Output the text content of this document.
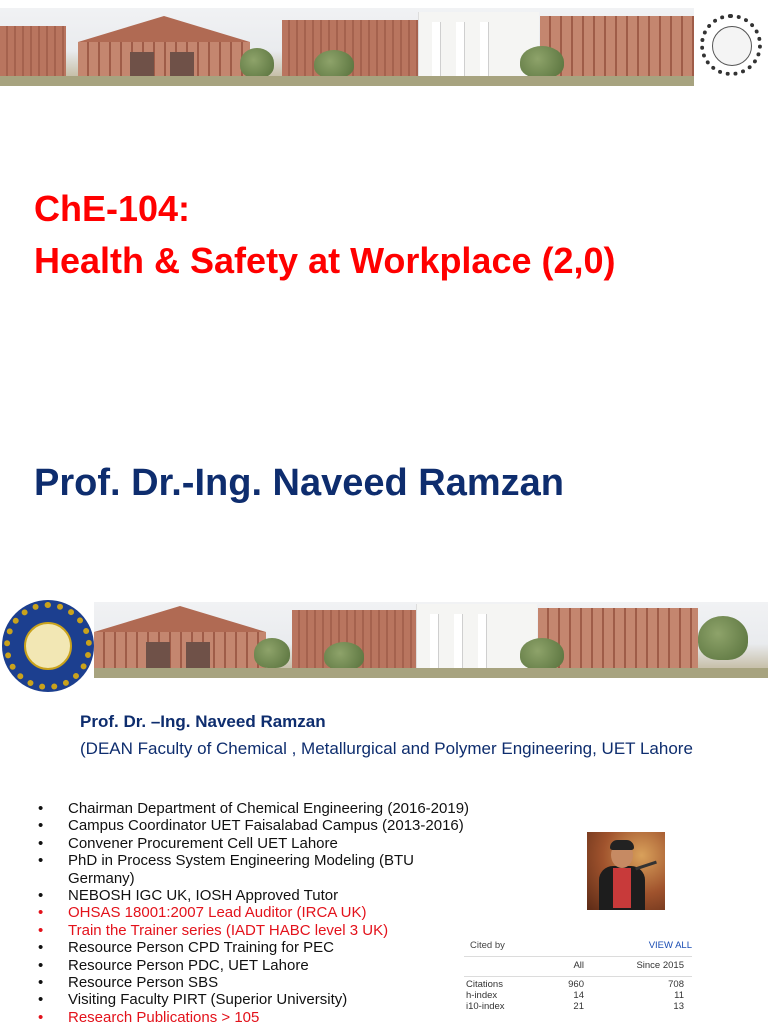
ChE-104:
Health & Safety at Workplace (2,0)
Prof. Dr.-Ing. Naveed Ramzan
Prof. Dr. –Ing. Naveed Ramzan
(DEAN Faculty of Chemical , Metallurgical and Polymer Engineering, UET Lahore
• Chairman Department of Chemical Engineering (2016-2019)
• Campus Coordinator UET Faisalabad Campus (2013-2016)
• Convener Procurement Cell UET Lahore
• PhD in Process System Engineering Modeling (BTU Germany)
• NEBOSH IGC UK, IOSH Approved Tutor
• OHSAS 18001:2007 Lead Auditor (IRCA UK)
• Train the Trainer series (IADT HABC level 3 UK)
• Resource Person CPD Training for PEC
• Resource Person PDC, UET Lahore
• Resource Person SBS
• Visiting Faculty PIRT (Superior University)
• Research Publications > 105
Cited by	VIEW ALL
All	Since 2015
Citations	960	708
h-index	14	11
i10-index	21	13
